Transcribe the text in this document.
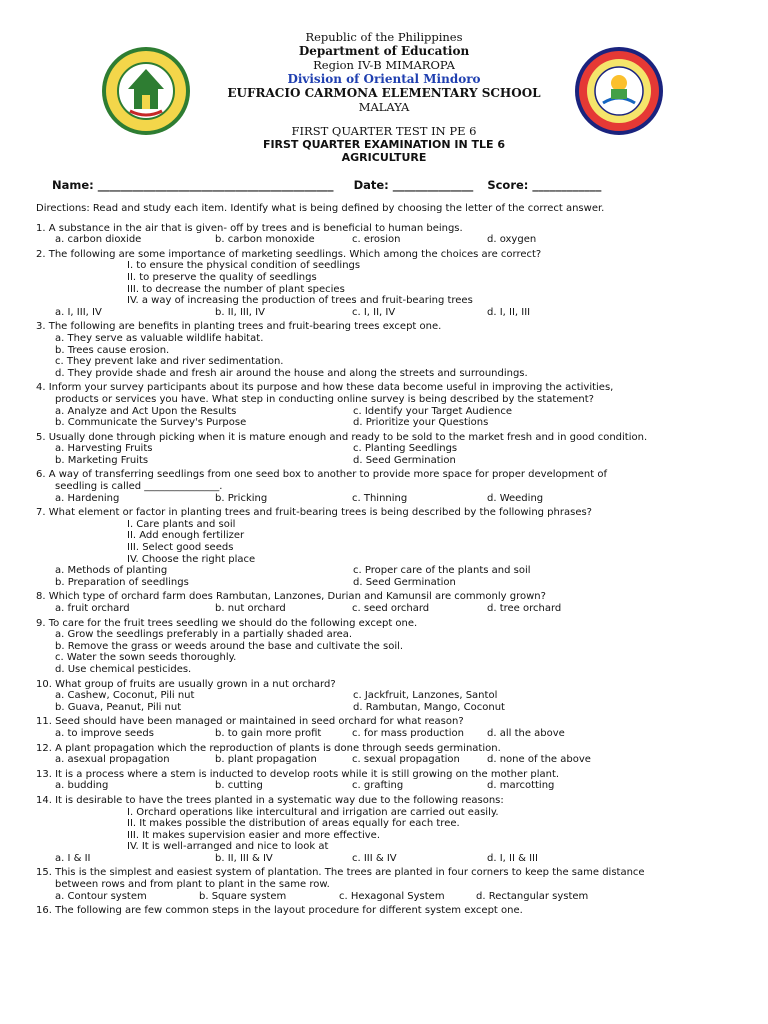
Republic of the Philippines
Department of Education
Region IV-B MIMAROPA
Division of Oriental Mindoro
EUFRACIO CARMONA ELEMENTARY SCHOOL
MALAYA
FIRST QUARTER TEST IN PE 6
FIRST QUARTER EXAMINATION IN TLE 6
AGRICULTURE
Name: _________________________________________ Date: ______________ Score: ____________
Directions: Read and study each item. Identify what is being defined by choosing the letter of the correct answer.
1. A substance in the air that is given- off by trees and is beneficial to human beings.
a. carbon dioxide	b. carbon monoxide	c. erosion	d. oxygen
2. The following are some importance of marketing seedlings. Which among the choices are correct?
I. to ensure the physical condition of seedlings
II. to preserve the quality of seedlings
III. to decrease the number of plant species
IV. a way of increasing the production of trees and fruit-bearing trees
a. I, III, IV	b. II, III, IV	c. I, II, IV	d. I, II, III
3. The following are benefits in planting trees and fruit-bearing trees except one.
a. They serve as valuable wildlife habitat.
b. Trees cause erosion.
c. They prevent lake and river sedimentation.
d. They provide shade and fresh air around the house and along the streets and surroundings.
4. Inform your survey participants about its purpose and how these data become useful in improving the activities,
products or services you have. What step in conducting online survey is being described by the statement?
a. Analyze and Act Upon the Results	c. Identify your Target Audience
b. Communicate the Survey's Purpose	d. Prioritize your Questions
5. Usually done through picking when it is mature enough and ready to be sold to the market fresh and in good condition.
a. Harvesting Fruits	c. Planting Seedlings
b. Marketing Fruits	d. Seed Germination
6. A way of transferring seedlings from one seed box to another to provide more space for proper development of
seedling is called _______________.
a. Hardening	b. Pricking	c. Thinning	d. Weeding
7. What element or factor in planting trees and fruit-bearing trees is being described by the following phrases?
I. Care plants and soil
II. Add enough fertilizer
III. Select good seeds
IV. Choose the right place
a. Methods of planting	c. Proper care of the plants and soil
b. Preparation of seedlings	d. Seed Germination
8. Which type of orchard farm does Rambutan, Lanzones, Durian and Kamunsil are commonly grown?
a. fruit orchard	b. nut orchard	c. seed orchard	d. tree orchard
9. To care for the fruit trees seedling we should do the following except one.
a. Grow the seedlings preferably in a partially shaded area.
b. Remove the grass or weeds around the base and cultivate the soil.
c. Water the sown seeds thoroughly.
d. Use chemical pesticides.
10. What group of fruits are usually grown in a nut orchard?
a. Cashew, Coconut, Pili nut	c. Jackfruit, Lanzones, Santol
b. Guava, Peanut, Pili nut	d. Rambutan, Mango, Coconut
11. Seed should have been managed or maintained in seed orchard for what reason?
a. to improve seeds	b. to gain more profit	c. for mass production	d. all the above
12. A plant propagation which the reproduction of plants is done through seeds germination.
a. asexual propagation	b. plant propagation	c. sexual propagation	d. none of the above
13. It is a process where a stem is inducted to develop roots while it is still growing on the mother plant.
a. budding	b. cutting	c. grafting	d. marcotting
14. It is desirable to have the trees planted in a systematic way due to the following reasons:
I. Orchard operations like intercultural and irrigation are carried out easily.
II. It makes possible the distribution of areas equally for each tree.
III. It makes supervision easier and more effective.
IV. It is well-arranged and nice to look at
a. I & II	b. II, III & IV	c. III & IV	d. I, II & III
15. This is the simplest and easiest system of plantation. The trees are planted in four corners to keep the same distance
between rows and from plant to plant in the same row.
a. Contour system	b. Square system	c. Hexagonal System	d. Rectangular system
16. The following are few common steps in the layout procedure for different system except one.
